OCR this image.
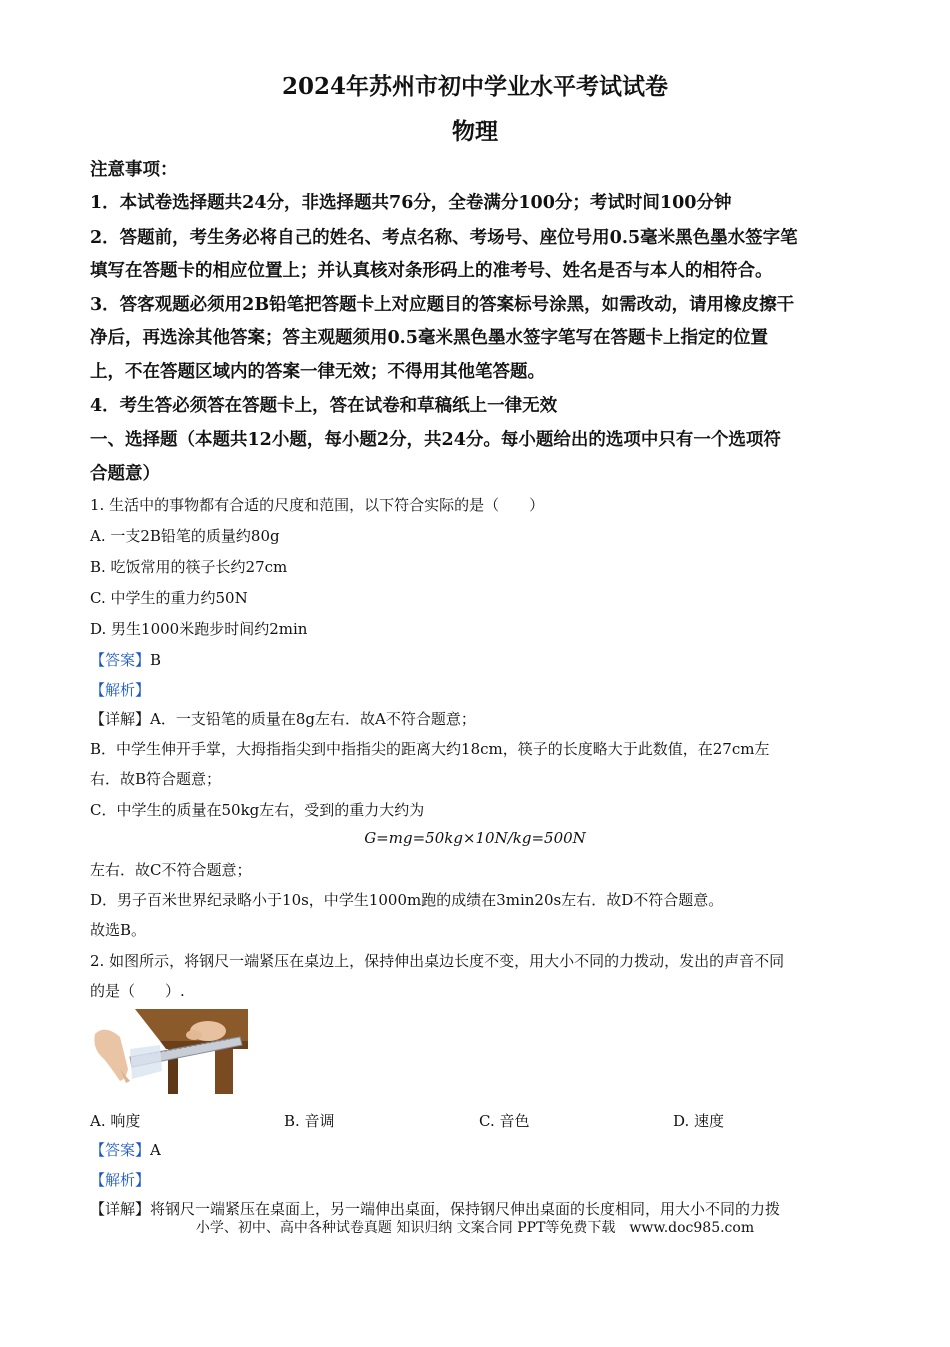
2024年苏州市初中学业水平考试试卷
物理
注意事项：
1．本试卷选择题共24分，非选择题共76分，全卷满分100分；考试时间100分钟
2．答题前，考生务必将自己的姓名、考点名称、考场号、座位号用0.5毫米黑色墨水签字笔
填写在答题卡的相应位置上；并认真核对条形码上的准考号、姓名是否与本人的相符合。
3．答客观题必须用2B铅笔把答题卡上对应题目的答案标号涂黑，如需改动，请用橡皮擦干
净后，再选涂其他答案；答主观题须用0.5毫米黑色墨水签字笔写在答题卡上指定的位置
上，不在答题区域内的答案一律无效；不得用其他笔答题。
4．考生答必须答在答题卡上，答在试卷和草稿纸上一律无效
一、选择题（本题共12小题，每小题2分，共24分。每小题给出的选项中只有一个选项符
合题意）
1. 生活中的事物都有合适的尺度和范围，以下符合实际的是（　　）
A. 一支2B铅笔的质量约80g
B. 吃饭常用的筷子长约27cm
C. 中学生的重力约50N
D. 男生1000米跑步时间约2min
【答案】B
【解析】
【详解】A．一支铅笔的质量在8g左右．故A不符合题意；
B．中学生伸开手掌，大拇指指尖到中指指尖的距离大约18cm，筷子的长度略大于此数值，在27cm左
右．故B符合题意；
C．中学生的质量在50kg左右，受到的重力大约为
G=mg=50kg×10N/kg=500N
左右．故C不符合题意；
D．男子百米世界纪录略小于10s，中学生1000m跑的成绩在3min20s左右．故D不符合题意。
故选B。
2. 如图所示，将钢尺一端紧压在桌边上，保持伸出桌边长度不变，用大小不同的力拨动，发出的声音不同
的是（　　）.
A. 响度	B. 音调	C. 音色	D. 速度
【答案】A
【解析】
【详解】将钢尺一端紧压在桌面上，另一端伸出桌面，保持钢尺伸出桌面的长度相同，用大小不同的力拨
小学、初中、高中各种试卷真题 知识归纳 文案合同 PPT等免费下载　www.doc985.com
